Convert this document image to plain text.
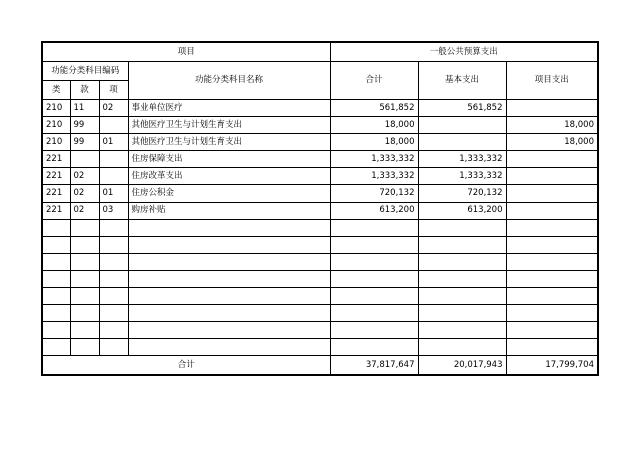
项目				一般公共预算支出		
功能分类科目编码			功能分类科目名称	合计	基本支出	项目支出
类	款	项				
210	11	02	事业单位医疗	561,852	561,852	
210	99		其他医疗卫生与计划生育支出	18,000		18,000
210	99	01	其他医疗卫生与计划生育支出	18,000		18,000
221			住房保障支出	1,333,332	1,333,332	
221	02		住房改革支出	1,333,332	1,333,332	
221	02	01	住房公积金	720,132	720,132	
221	02	03	购房补贴	613,200	613,200	

合计				37,817,647	20,017,943	17,799,704
